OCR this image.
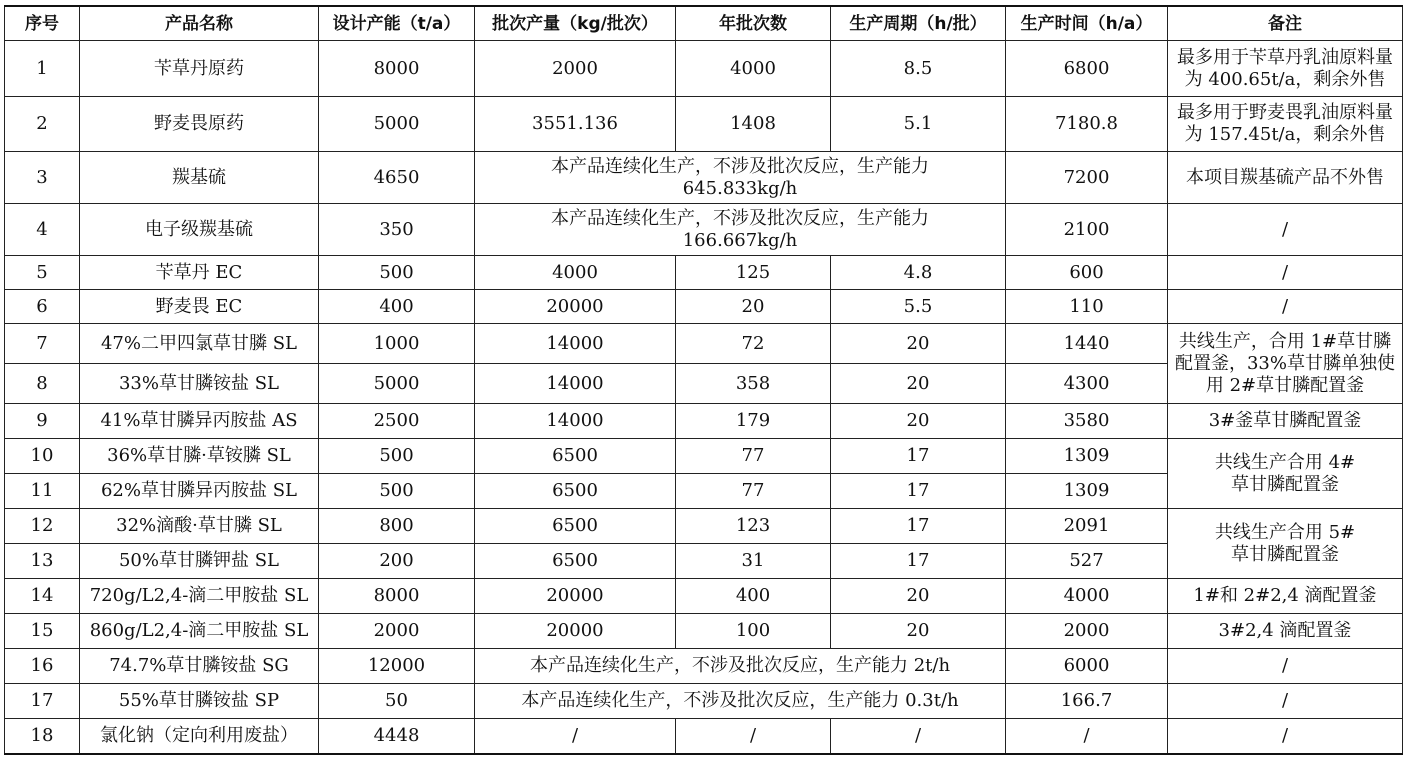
序号	产品名称	设计产能（t/a）	批次产量（kg/批次）	年批次数	生产周期（h/批）	生产时间（h/a）	备注
1	苄草丹原药	8000	2000	4000	8.5	6800	最多用于苄草丹乳油原料量为 400.65t/a，剩余外售
2	野麦畏原药	5000	3551.136	1408	5.1	7180.8	最多用于野麦畏乳油原料量为 157.45t/a，剩余外售
3	羰基硫	4650	本产品连续化生产，不涉及批次反应，生产能力645.833kg/h			7200	本项目羰基硫产品不外售
4	电子级羰基硫	350	本产品连续化生产，不涉及批次反应，生产能力166.667kg/h			2100	/
5	苄草丹 EC	500	4000	125	4.8	600	/
6	野麦畏 EC	400	20000	20	5.5	110	/
7	47%二甲四氯草甘膦 SL	1000	14000	72	20	1440	共线生产，合用 1#草甘膦配置釜，33%草甘膦单独使用 2#草甘膦配置釜
8	33%草甘膦铵盐 SL	5000	14000	358	20	4300	
9	41%草甘膦异丙胺盐 AS	2500	14000	179	20	3580	3#釜草甘膦配置釜
10	36%草甘膦·草铵膦 SL	500	6500	77	17	1309	共线生产合用 4#草甘膦配置釜
11	62%草甘膦异丙胺盐 SL	500	6500	77	17	1309	
12	32%滴酸·草甘膦 SL	800	6500	123	17	2091	共线生产合用 5#草甘膦配置釜
13	50%草甘膦钾盐 SL	200	6500	31	17	527	
14	720g/L2,4-滴二甲胺盐 SL	8000	20000	400	20	4000	1#和 2#2,4 滴配置釜
15	860g/L2,4-滴二甲胺盐 SL	2000	20000	100	20	2000	3#2,4 滴配置釜
16	74.7%草甘膦铵盐 SG	12000	本产品连续化生产，不涉及批次反应，生产能力 2t/h			6000	/
17	55%草甘膦铵盐 SP	50	本产品连续化生产，不涉及批次反应，生产能力 0.3t/h			166.7	/
18	氯化钠（定向利用废盐）	4448	/	/	/	/	/
